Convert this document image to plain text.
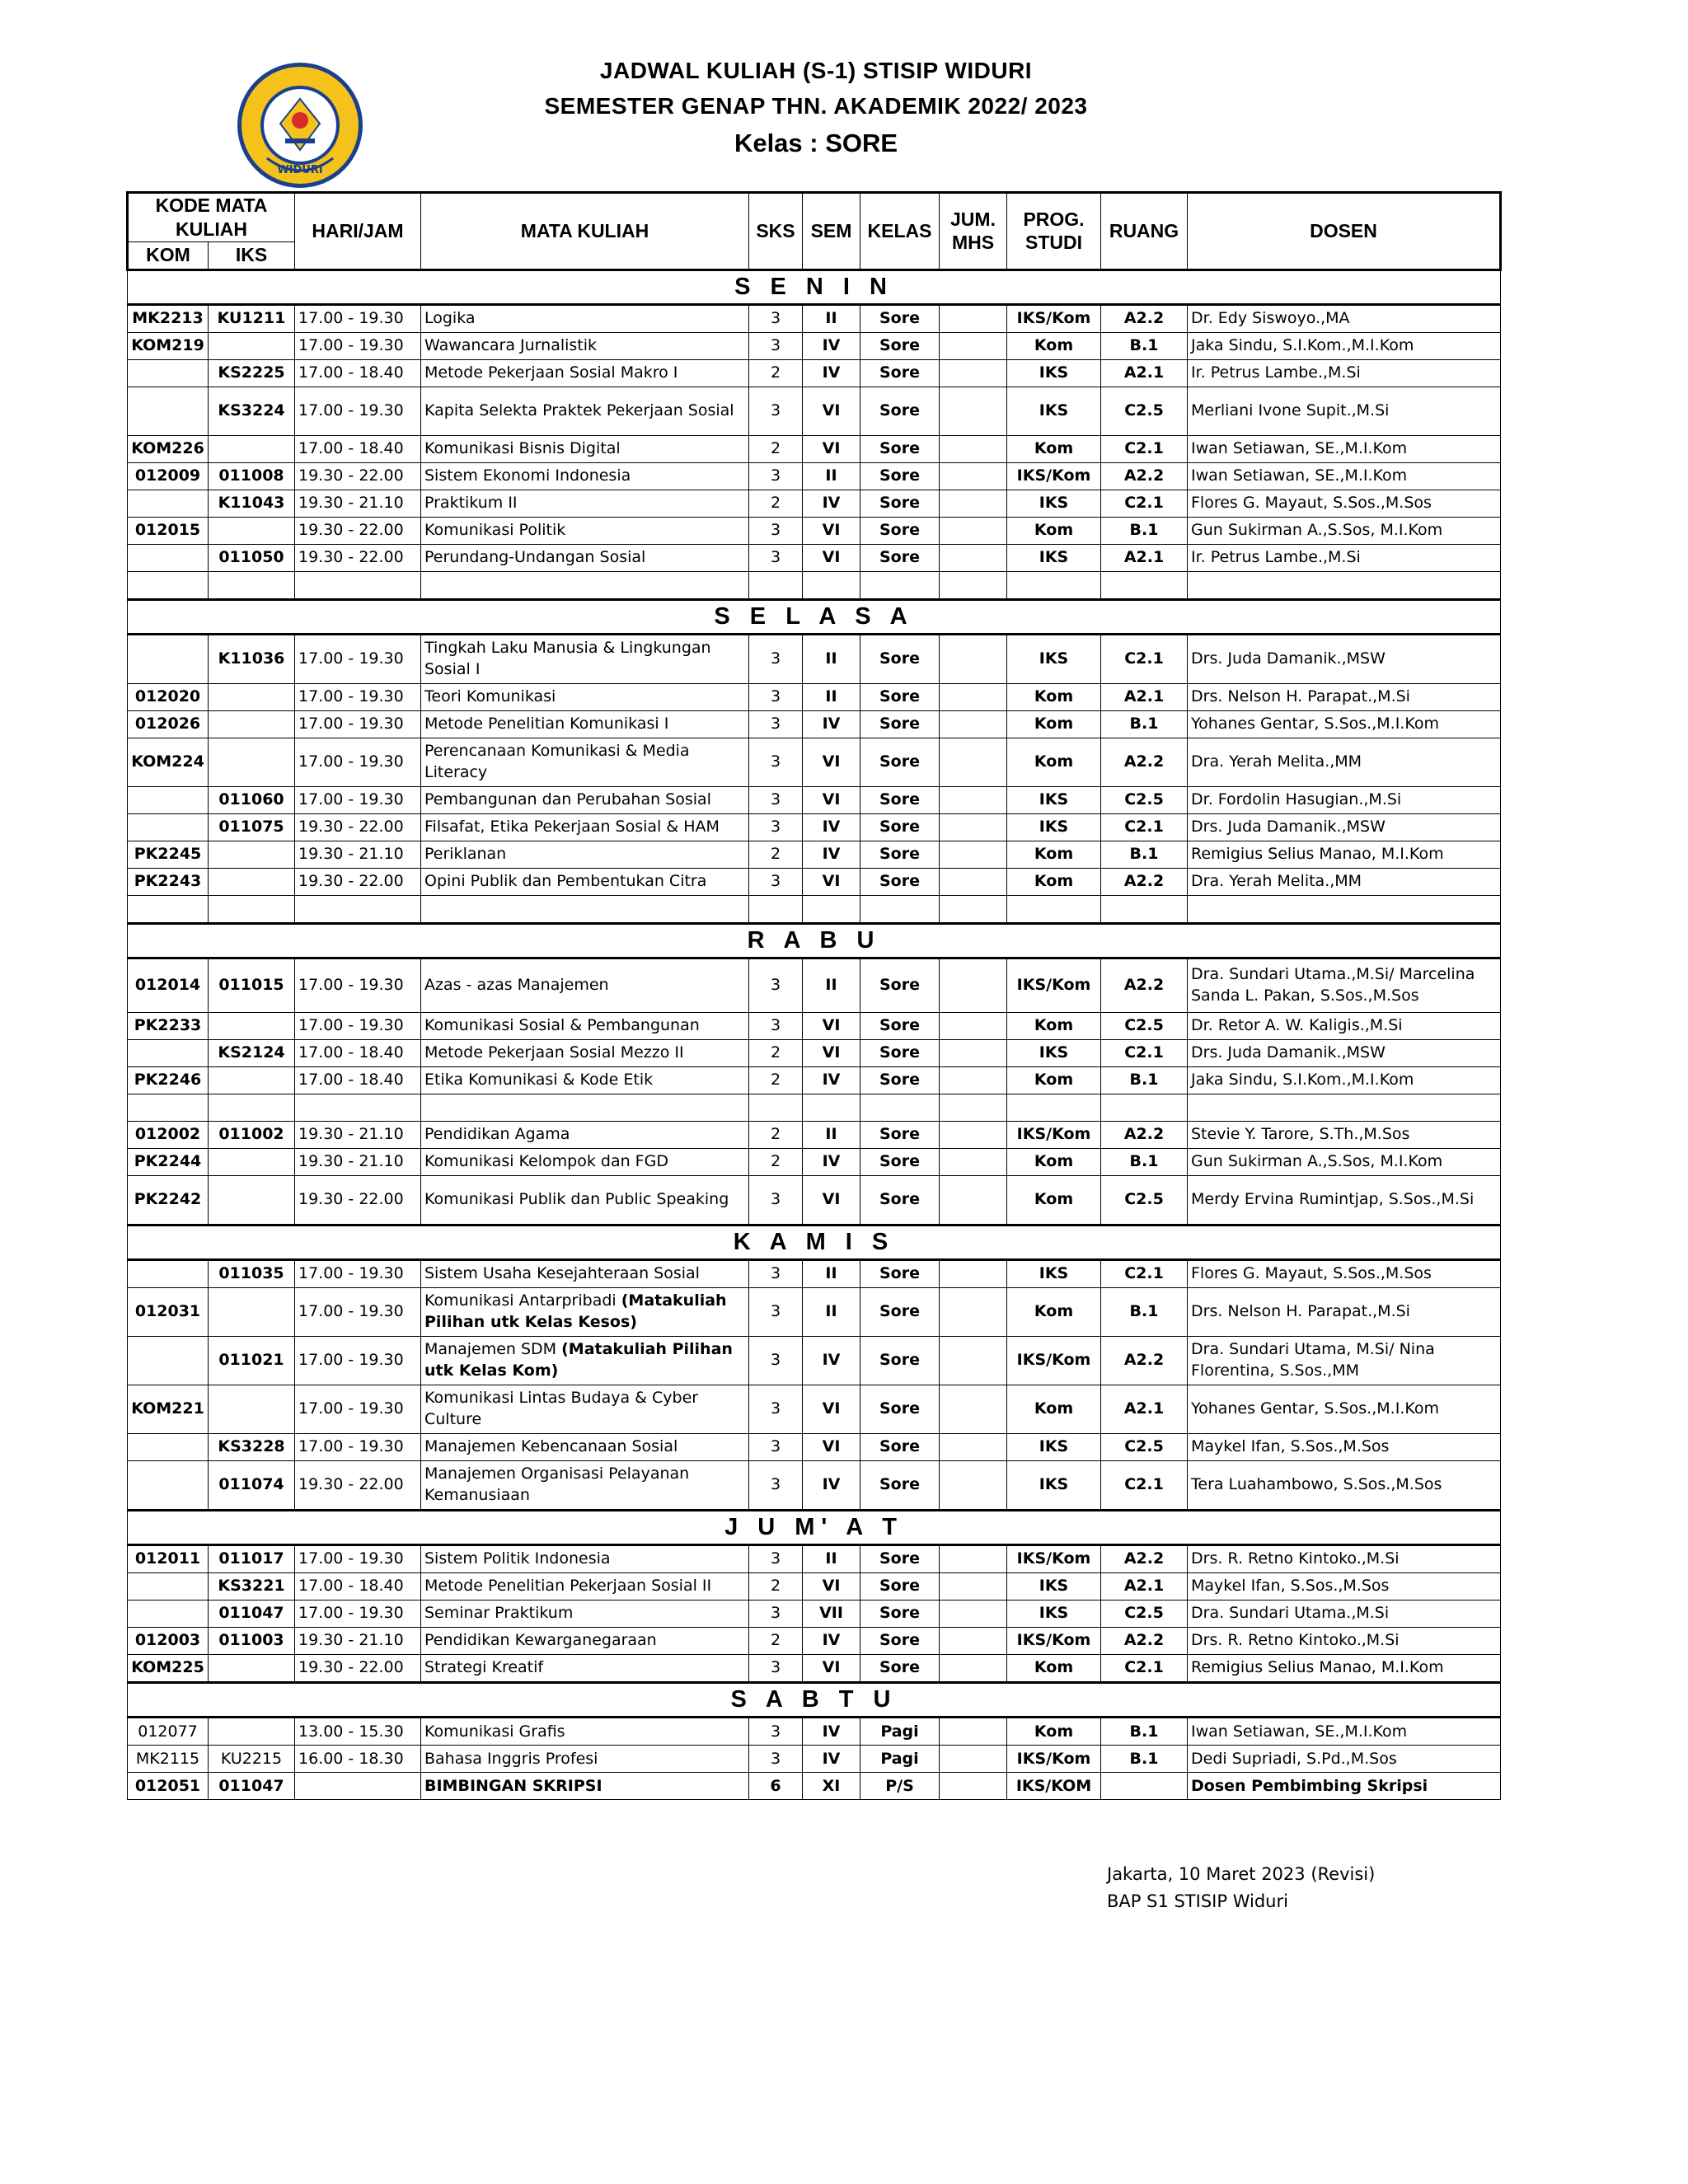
WIDURI
JADWAL KULIAH (S-1) STISIP WIDURI
SEMESTER GENAP THN. AKADEMIK 2022/ 2023
Kelas : SORE
KODE MATA KULIAH		HARI/JAM	MATA KULIAH	SKS	SEM	KELAS	JUM. MHS	PROG. STUDI	RUANG	DOSEN
KOM	IKS									
S E N I N										
MK2213	KU1211	17.00 - 19.30	Logika	3	II	Sore		IKS/Kom	A2.2	Dr. Edy Siswoyo.,MA
KOM219		17.00 - 19.30	Wawancara Jurnalistik	3	IV	Sore		Kom	B.1	Jaka Sindu, S.I.Kom.,M.I.Kom
	KS2225	17.00 - 18.40	Metode Pekerjaan Sosial Makro I	2	IV	Sore		IKS	A2.1	Ir. Petrus Lambe.,M.Si
	KS3224	17.00 - 19.30	Kapita Selekta Praktek Pekerjaan Sosial	3	VI	Sore		IKS	C2.5	Merliani Ivone Supit.,M.Si
KOM226		17.00 - 18.40	Komunikasi Bisnis Digital	2	VI	Sore		Kom	C2.1	Iwan Setiawan, SE.,M.I.Kom
012009	011008	19.30 - 22.00	Sistem Ekonomi Indonesia	3	II	Sore		IKS/Kom	A2.2	Iwan Setiawan, SE.,M.I.Kom
	K11043	19.30 - 21.10	Praktikum II	2	IV	Sore		IKS	C2.1	Flores G. Mayaut, S.Sos.,M.Sos
012015		19.30 - 22.00	Komunikasi Politik	3	VI	Sore		Kom	B.1	Gun Sukirman A.,S.Sos, M.I.Kom
	011050	19.30 - 22.00	Perundang-Undangan Sosial	3	VI	Sore		IKS	A2.1	Ir. Petrus Lambe.,M.Si

S E L A S A										
	K11036	17.00 - 19.30	Tingkah Laku Manusia & Lingkungan Sosial I	3	II	Sore		IKS	C2.1	Drs. Juda Damanik.,MSW
012020		17.00 - 19.30	Teori Komunikasi	3	II	Sore		Kom	A2.1	Drs. Nelson H. Parapat.,M.Si
012026		17.00 - 19.30	Metode Penelitian Komunikasi I	3	IV	Sore		Kom	B.1	Yohanes Gentar, S.Sos.,M.I.Kom
KOM224		17.00 - 19.30	Perencanaan Komunikasi & Media Literacy	3	VI	Sore		Kom	A2.2	Dra. Yerah Melita.,MM
	011060	17.00 - 19.30	Pembangunan dan Perubahan Sosial	3	VI	Sore		IKS	C2.5	Dr. Fordolin Hasugian.,M.Si
	011075	19.30 - 22.00	Filsafat, Etika Pekerjaan Sosial & HAM	3	IV	Sore		IKS	C2.1	Drs. Juda Damanik.,MSW
PK2245		19.30 - 21.10	Periklanan	2	IV	Sore		Kom	B.1	Remigius Selius Manao, M.I.Kom
PK2243		19.30 - 22.00	Opini Publik dan Pembentukan Citra	3	VI	Sore		Kom	A2.2	Dra. Yerah Melita.,MM

R A B U										
012014	011015	17.00 - 19.30	Azas - azas Manajemen	3	II	Sore		IKS/Kom	A2.2	Dra. Sundari Utama.,M.Si/ Marcelina Sanda L. Pakan, S.Sos.,M.Sos
PK2233		17.00 - 19.30	Komunikasi Sosial & Pembangunan	3	VI	Sore		Kom	C2.5	Dr. Retor A. W. Kaligis.,M.Si
	KS2124	17.00 - 18.40	Metode Pekerjaan Sosial Mezzo II	2	VI	Sore		IKS	C2.1	Drs. Juda Damanik.,MSW
PK2246		17.00 - 18.40	Etika Komunikasi & Kode Etik	2	IV	Sore		Kom	B.1	Jaka Sindu, S.I.Kom.,M.I.Kom

012002	011002	19.30 - 21.10	Pendidikan Agama	2	II	Sore		IKS/Kom	A2.2	Stevie Y. Tarore, S.Th.,M.Sos
PK2244		19.30 - 21.10	Komunikasi Kelompok dan FGD	2	IV	Sore		Kom	B.1	Gun Sukirman A.,S.Sos, M.I.Kom
PK2242		19.30 - 22.00	Komunikasi Publik dan Public Speaking	3	VI	Sore		Kom	C2.5	Merdy Ervina Rumintjap, S.Sos.,M.Si
K A M I S										
	011035	17.00 - 19.30	Sistem Usaha Kesejahteraan Sosial	3	II	Sore		IKS	C2.1	Flores G. Mayaut, S.Sos.,M.Sos
012031		17.00 - 19.30	Komunikasi Antarpribadi (Matakuliah Pilihan utk Kelas Kesos)	3	II	Sore		Kom	B.1	Drs. Nelson H. Parapat.,M.Si
	011021	17.00 - 19.30	Manajemen SDM (Matakuliah Pilihan utk Kelas Kom)	3	IV	Sore		IKS/Kom	A2.2	Dra. Sundari Utama, M.Si/ Nina Florentina, S.Sos.,MM
KOM221		17.00 - 19.30	Komunikasi Lintas Budaya & Cyber Culture	3	VI	Sore		Kom	A2.1	Yohanes Gentar, S.Sos.,M.I.Kom
	KS3228	17.00 - 19.30	Manajemen Kebencanaan Sosial	3	VI	Sore		IKS	C2.5	Maykel Ifan, S.Sos.,M.Sos
	011074	19.30 - 22.00	Manajemen Organisasi Pelayanan Kemanusiaan	3	IV	Sore		IKS	C2.1	Tera Luahambowo, S.Sos.,M.Sos
J U M' A T										
012011	011017	17.00 - 19.30	Sistem Politik Indonesia	3	II	Sore		IKS/Kom	A2.2	Drs. R. Retno Kintoko.,M.Si
	KS3221	17.00 - 18.40	Metode Penelitian Pekerjaan Sosial II	2	VI	Sore		IKS	A2.1	Maykel Ifan, S.Sos.,M.Sos
	011047	17.00 - 19.30	Seminar Praktikum	3	VII	Sore		IKS	C2.5	Dra. Sundari Utama.,M.Si
012003	011003	19.30 - 21.10	Pendidikan Kewarganegaraan	2	IV	Sore		IKS/Kom	A2.2	Drs. R. Retno Kintoko.,M.Si
KOM225		19.30 - 22.00	Strategi Kreatif	3	VI	Sore		Kom	C2.1	Remigius Selius Manao, M.I.Kom
S A B T U										
012077		13.00 - 15.30	Komunikasi Grafis	3	IV	Pagi		Kom	B.1	Iwan Setiawan, SE.,M.I.Kom
MK2115	KU2215	16.00 - 18.30	Bahasa Inggris Profesi	3	IV	Pagi		IKS/Kom	B.1	Dedi Supriadi, S.Pd.,M.Sos
012051	011047		BIMBINGAN SKRIPSI	6	XI	P/S		IKS/KOM		Dosen Pembimbing Skripsi
Jakarta, 10 Maret 2023 (Revisi)
BAP S1 STISIP Widuri
